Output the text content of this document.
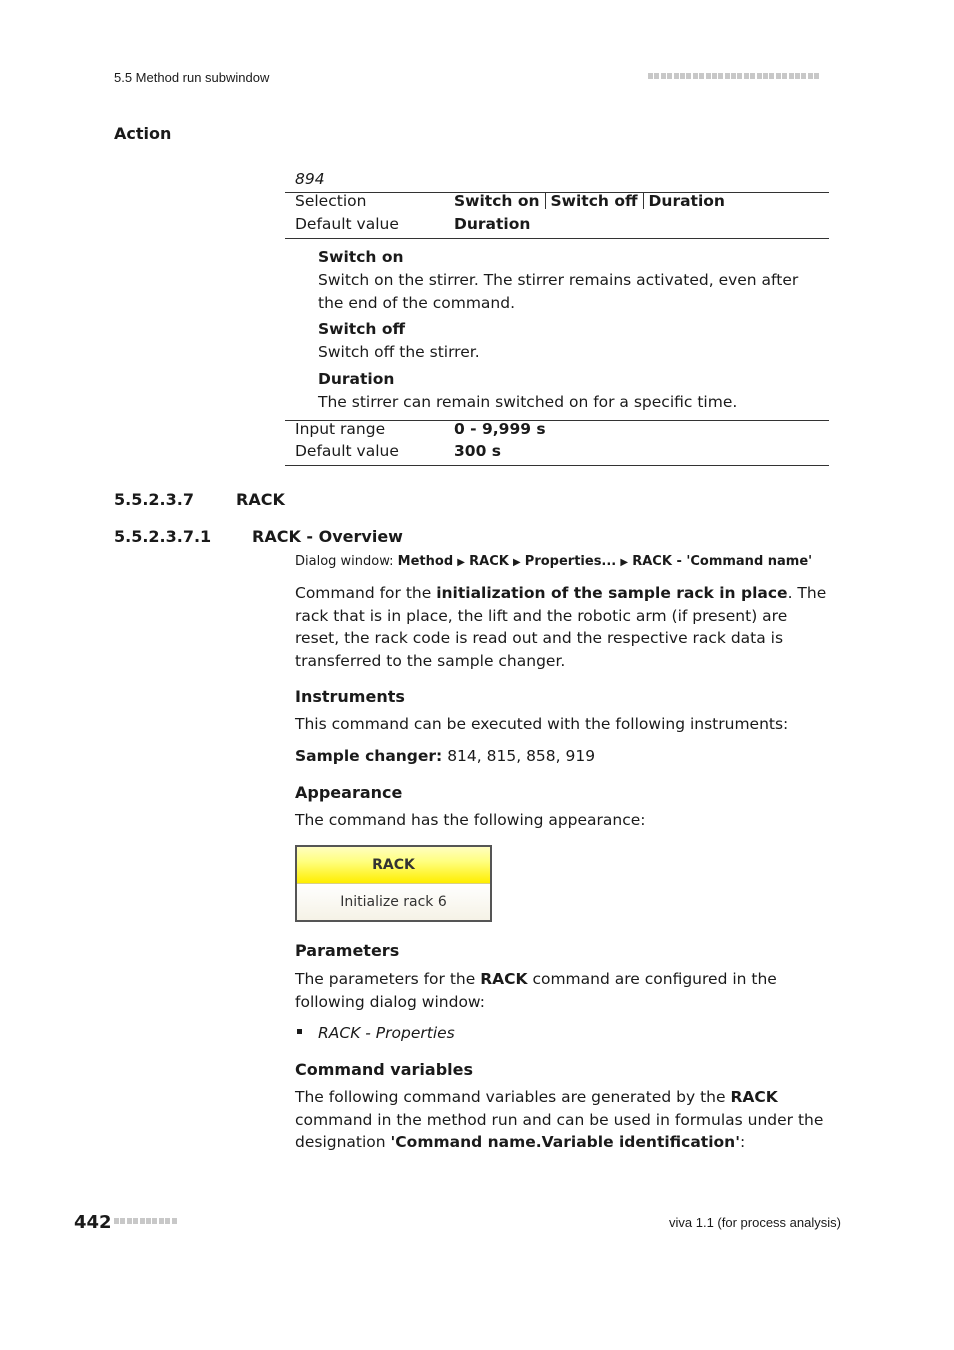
5.5 Method run subwindow
Action
894
Selection	Switch on Switch off Duration
Default value	Duration
Switch on
Switch on the stirrer. The stirrer remains activated, even after the end of the command.
Switch off
Switch off the stirrer.
Duration
The stirrer can remain switched on for a specific time.
Input range	0 - 9,999 s
Default value	300 s
5.5.2.3.7	RACK
5.5.2.3.7.1	RACK - Overview
Dialog window: Method ▶ RACK ▶ Properties... ▶ RACK - 'Command name'
Command for the initialization of the sample rack in place. The rack that is in place, the lift and the robotic arm (if present) are reset, the rack code is read out and the respective rack data is transferred to the sample changer.
Instruments
This command can be executed with the following instruments:
Sample changer: 814, 815, 858, 919
Appearance
The command has the following appearance:
RACK
Initialize rack 6
Parameters
The parameters for the RACK command are configured in the following dialog window:
RACK - Properties
Command variables
The following command variables are generated by the RACK command in the method run and can be used in formulas under the designation 'Command name.Variable identification':
442	viva 1.1 (for process analysis)
